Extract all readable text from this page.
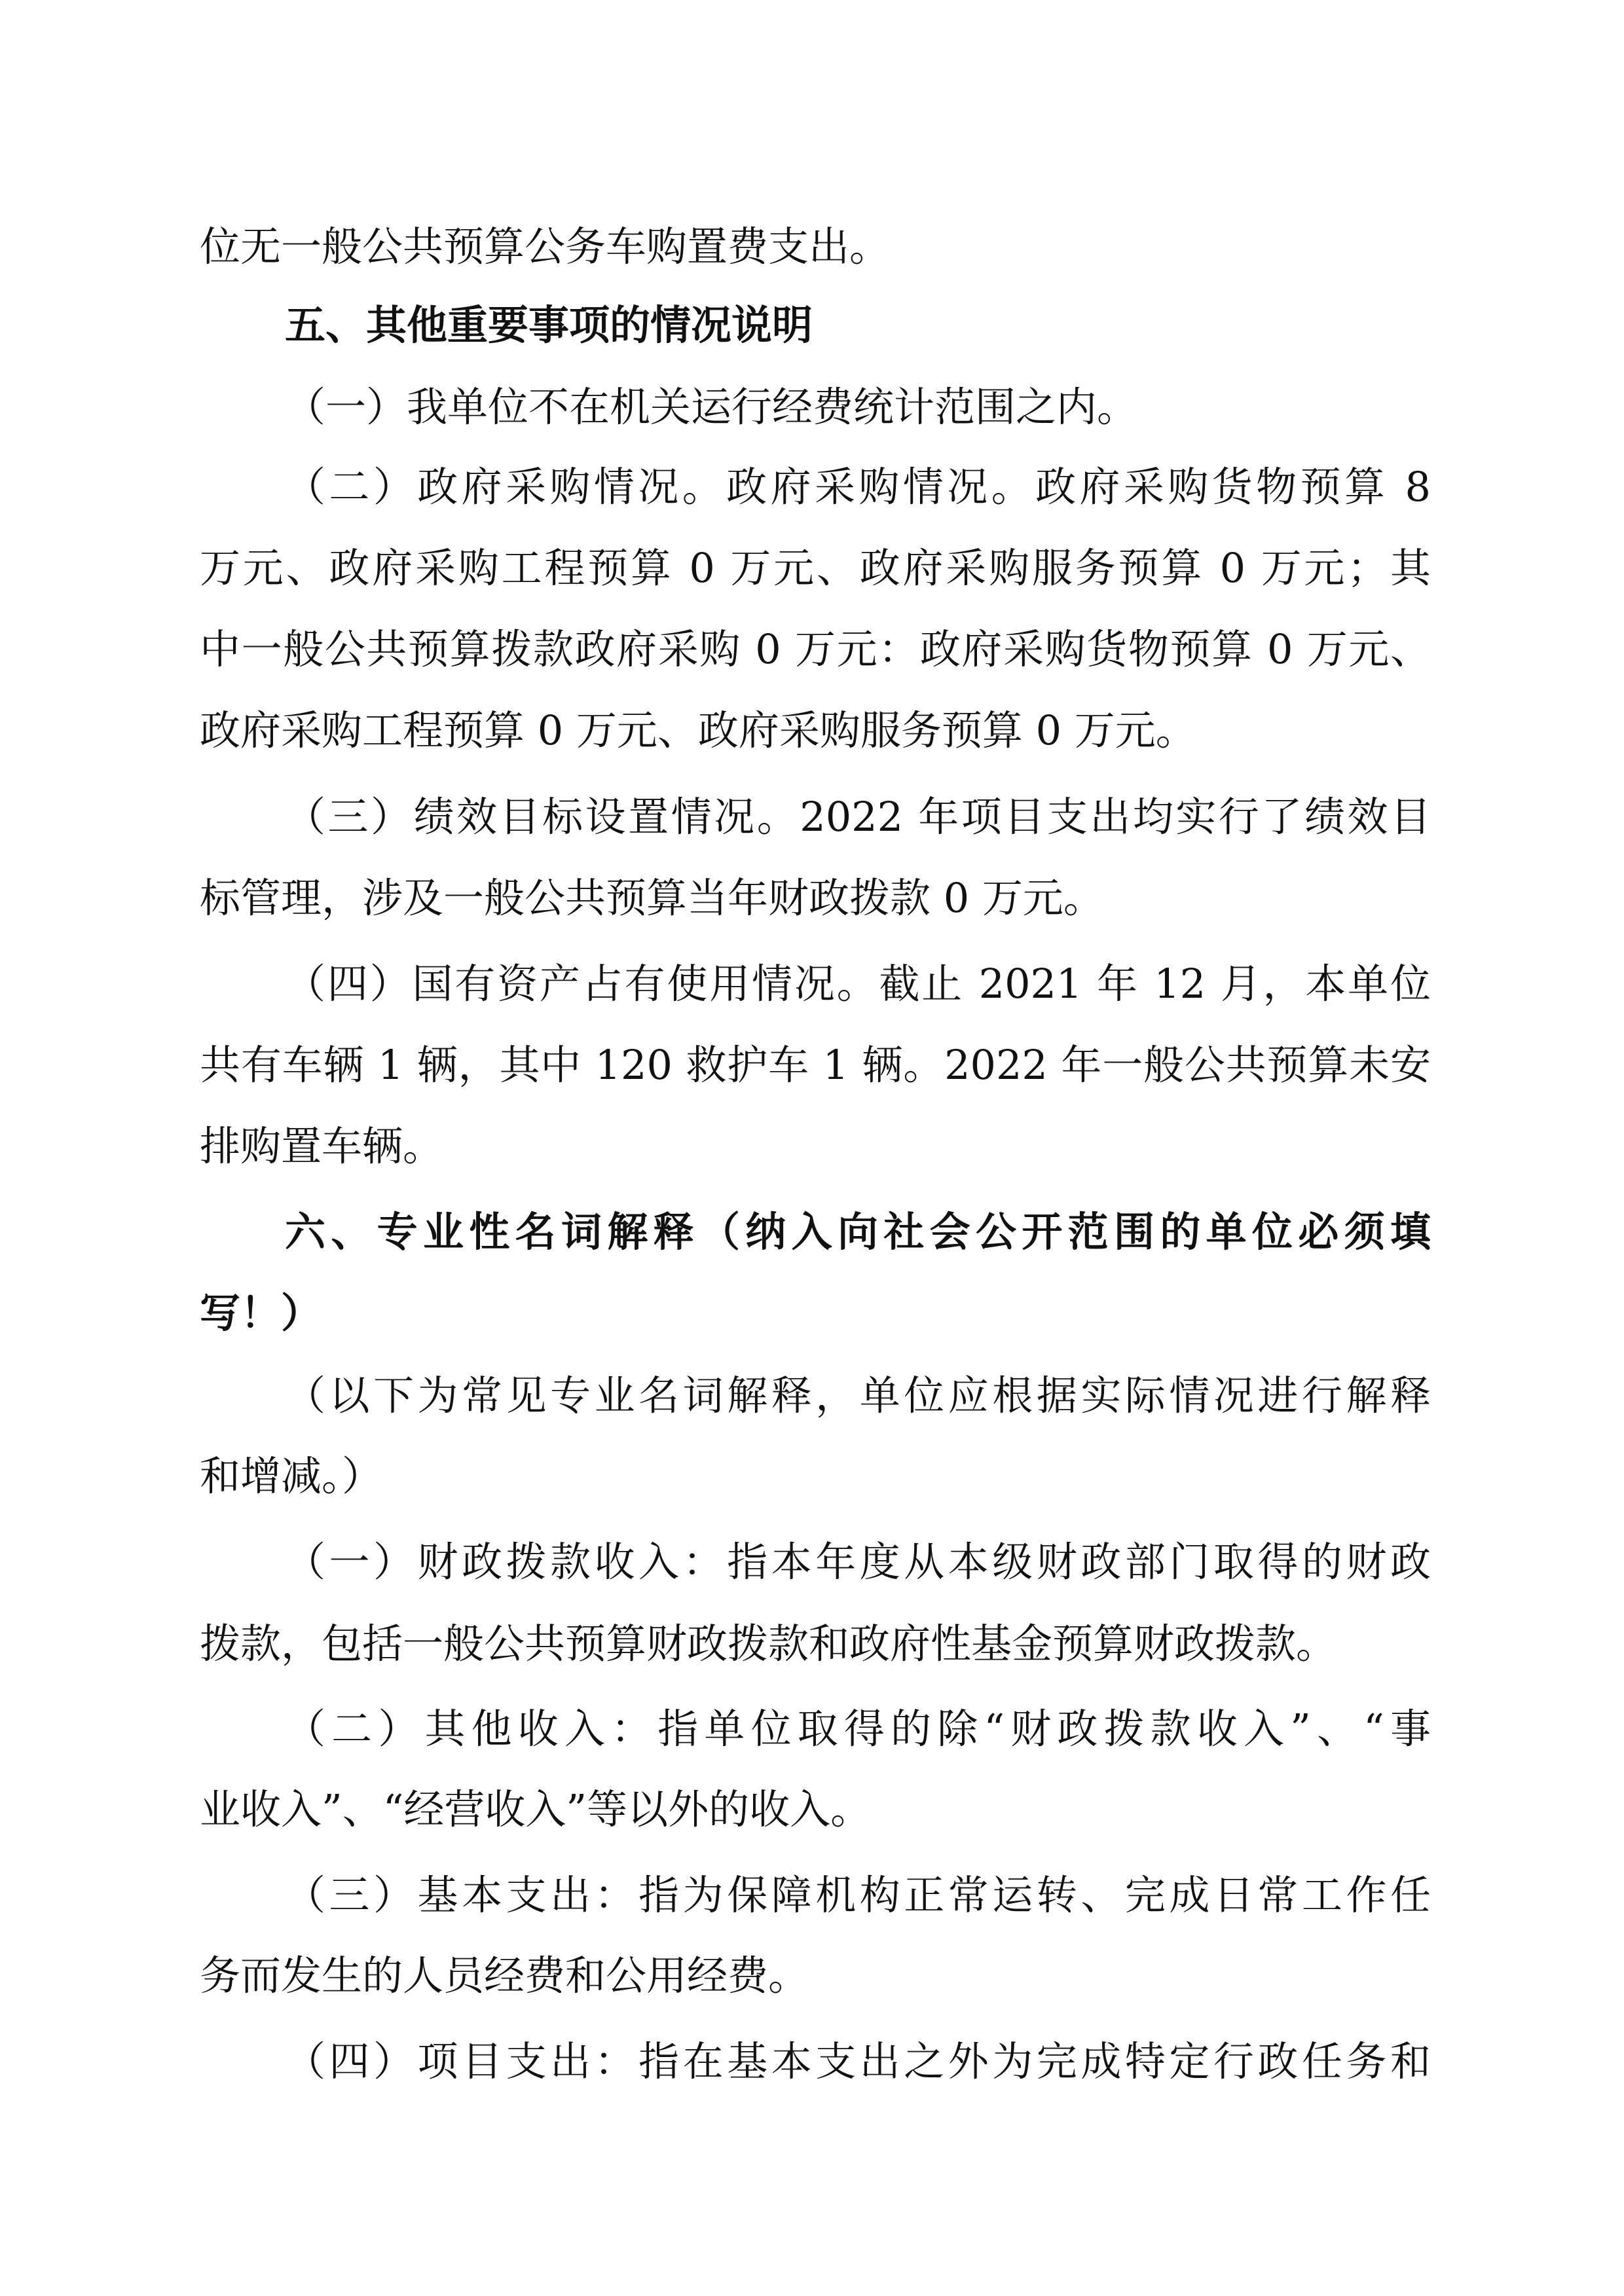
位无一般公共预算公务车购置费支出。
五、其他重要事项的情况说明
（一）我单位不在机关运行经费统计范围之内。
（二）政府采购情况。政府采购情况。政府采购货物预算 8
万元、政府采购工程预算 0 万元、政府采购服务预算 0 万元；其
中一般公共预算拨款政府采购 0 万元：政府采购货物预算 0 万元、
政府采购工程预算 0 万元、政府采购服务预算 0 万元。
（三）绩效目标设置情况。2022 年项目支出均实行了绩效目
标管理，涉及一般公共预算当年财政拨款 0 万元。
（四）国有资产占有使用情况。截止 2021 年 12 月，本单位
共有车辆 1 辆，其中 120 救护车 1 辆。2022 年一般公共预算未安
排购置车辆。
六、专业性名词解释（纳入向社会公开范围的单位必须填
写！）
（以下为常见专业名词解释，单位应根据实际情况进行解释
和增减。）
（一）财政拨款收入：指本年度从本级财政部门取得的财政
拨款，包括一般公共预算财政拨款和政府性基金预算财政拨款。
（二）其他收入：指单位取得的除“财政拨款收入”、“事
业收入”、“经营收入”等以外的收入。
（三）基本支出：指为保障机构正常运转、完成日常工作任
务而发生的人员经费和公用经费。
（四）项目支出：指在基本支出之外为完成特定行政任务和
